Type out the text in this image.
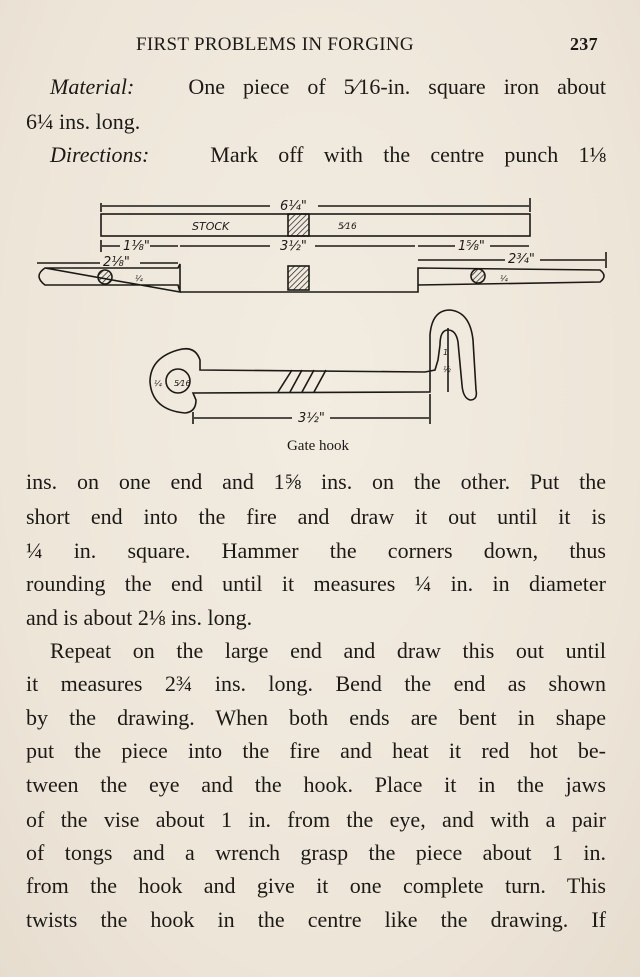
FIRST PROBLEMS IN FORGING	237
Material: One piece of 5⁄16-in. square iron about
6¼ ins. long.
Directions:	Mark off with the centre punch 1⅛
6¼"
STOCK	5⁄16
1⅛"	3½"	1⅝"
2⅛"	2¾"
¼	¼
¼ 5⁄16
½
1
3½"
Gate hook
ins. on one end and 1⅝ ins. on the other. Put the
short end into the fire and draw it out until it is
¼ in. square. Hammer the corners down, thus
rounding the end until it measures ¼ in. in diameter
and is about 2⅛ ins. long.
Repeat on the large end and draw this out until
it measures 2¾ ins. long. Bend the end as shown
by the drawing. When both ends are bent in shape
put the piece into the fire and heat it red hot be-
tween the eye and the hook. Place it in the jaws
of the vise about 1 in. from the eye, and with a pair
of tongs and a wrench grasp the piece about 1 in.
from the hook and give it one complete turn. This
twists the hook in the centre like the drawing. If
